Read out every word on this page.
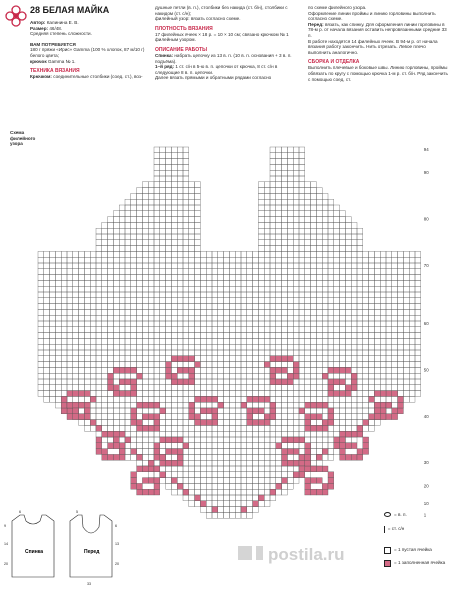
28 БЕЛАЯ МАЙКА
Автор: Калинина Е. В.
Размер: 46/48.
Средняя степень сложности.
ВАМ ПОТРЕБУЕТСЯ
180 г пряжи «Ирис» Gamma (100 % хлопок, 87 м/10 г) белого цвета;
крючок Gamma № 1.
ТЕХНИКА ВЯЗАНИЯ
Крючком: соединительные столбики (соед. ст.), воз-
душные петли (в. п.), столбики без накида (ст. б/н), столбики с накидом (ст. с/н);
филейный узор: вязать согласно схеме.
ПЛОТНОСТЬ ВЯЗАНИЯ
17 филейных ячеек × 18 р. = 10 × 10 см; связано крючком № 1 филейным узором.
ОПИСАНИЕ РАБОТЫ
Спинка: набрать цепочку из 13 в. п. (10 в. п. основания + 3 в. п. подъёма).
1–й ряд: 1 ст. с/н в 5-ю в. п. цепочки от крючка, 8 ст. с/н в следующие 8 в. п. цепочки.
Далее вязать прямыми и обратными рядами согласно
по схеме филейного узора.
Оформление линии проймы и линию горловины выполнить согласно схеме.
Перед: вязать, как спинку. Для оформления линии горловины в 78-м р. от начала вязания оставить непровязанными средние 33 п.
В работе находятся 14 филейных ячеек. В 94-м р. от начала вязания работу закончить. Нить отрезать. Левое плечо выполнить аналогично.
СБОРКА И ОТДЕЛКА
Выполнить плечевые и боковые швы. Линию горловины, проймы обвязать по кругу с помощью крючка 1-м р. ст. б/н. Ряд закончить с помощью соед. ст.
Схема филейного узора
94
90
80
70
60
50
40
30
20
10
1
Спинка	Перед
6
9
14
20
5
6
13
20
33
= в. п.
= ст. с/н
= 1 пустая ячейка
= 1 заполненная ячейка
postila.ru
